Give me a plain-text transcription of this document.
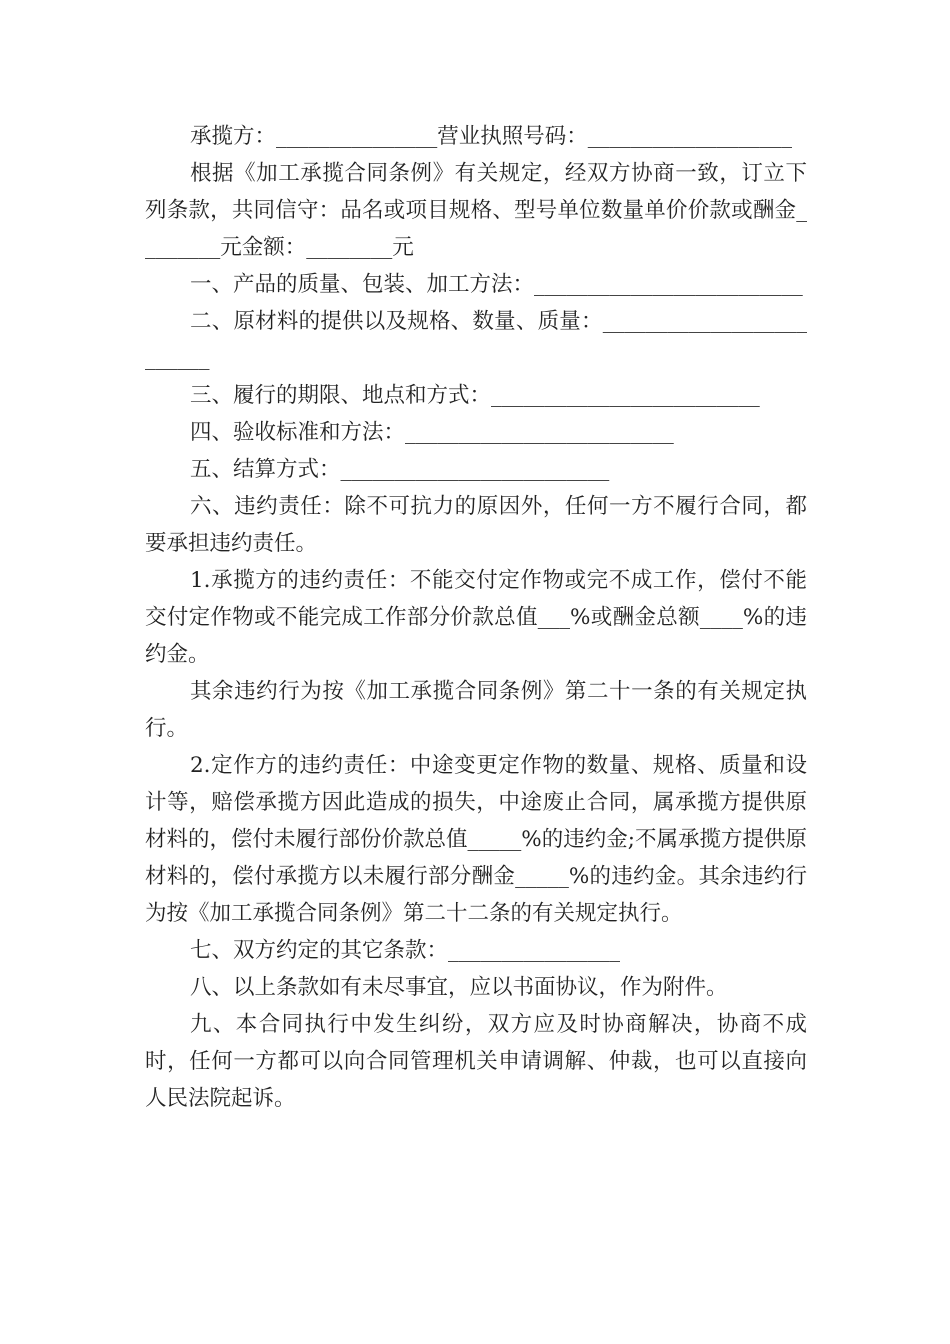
承揽方：_______________营业执照号码：___________________

根据《加工承揽合同条例》有关规定，经双方协商一致，订立下列条款，共同信守：品名或项目规格、型号单位数量单价价款或酬金________元金额：________元

一、产品的质量、包装、加工方法：_________________________

二、原材料的提供以及规格、数量、质量：_________________________

三、履行的期限、地点和方式：_________________________

四、验收标准和方法：_________________________

五、结算方式：_________________________

六、违约责任：除不可抗力的原因外，任何一方不履行合同，都要承担违约责任。

1.承揽方的违约责任：不能交付定作物或完不成工作，偿付不能交付定作物或不能完成工作部分价款总值___%或酬金总额____%的违约金。

其余违约行为按《加工承揽合同条例》第二十一条的有关规定执行。

2.定作方的违约责任：中途变更定作物的数量、规格、质量和设计等，赔偿承揽方因此造成的损失，中途废止合同，属承揽方提供原材料的，偿付未履行部份价款总值_____%的违约金;不属承揽方提供原材料的，偿付承揽方以未履行部分酬金_____%的违约金。其余违约行为按《加工承揽合同条例》第二十二条的有关规定执行。

七、双方约定的其它条款：________________

八、以上条款如有未尽事宜，应以书面协议，作为附件。

九、本合同执行中发生纠纷，双方应及时协商解决，协商不成时，任何一方都可以向合同管理机关申请调解、仲裁，也可以直接向人民法院起诉。
